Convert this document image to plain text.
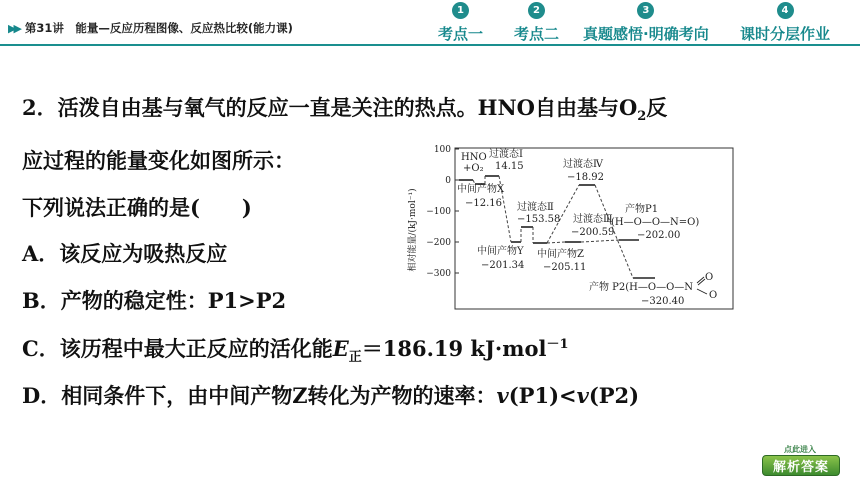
▶▶ 第31讲　能量—反应历程图像、反应热比较(能力课)
1
考点一
2
考点二
3
真题感悟·明确考向
4
课时分层作业
2．活泼自由基与氧气的反应一直是关注的热点。HNO自由基与$O_2$反
应过程的能量变化如图所示：
下列说法正确的是(　　)
A．该反应为吸热反应
B．产物的稳定性：P1>P2
C．该历程中最大正反应的活化能$E_正=186.19$ kJ·mol$^{-1}$
D．相同条件下，由中间产物Z转化为产物的速率：v(P1)<v(P2)
相对能量/(kJ·mol⁻¹)
100
0
−100
−200
−300
HNO
+O₂
过渡态Ⅰ
14.15
中间产物X
−12.16
过渡态Ⅳ
−18.92
过渡态Ⅱ
−153.58 过渡态Ⅲ
−200.59
产物P1
(H—O—O—N=O)
−202.00
中间产物Y
−201.34
中间产物Z
−205.11
产物 P2(H—O—O—N
O
O
−320.40
点此进入
解析答案
